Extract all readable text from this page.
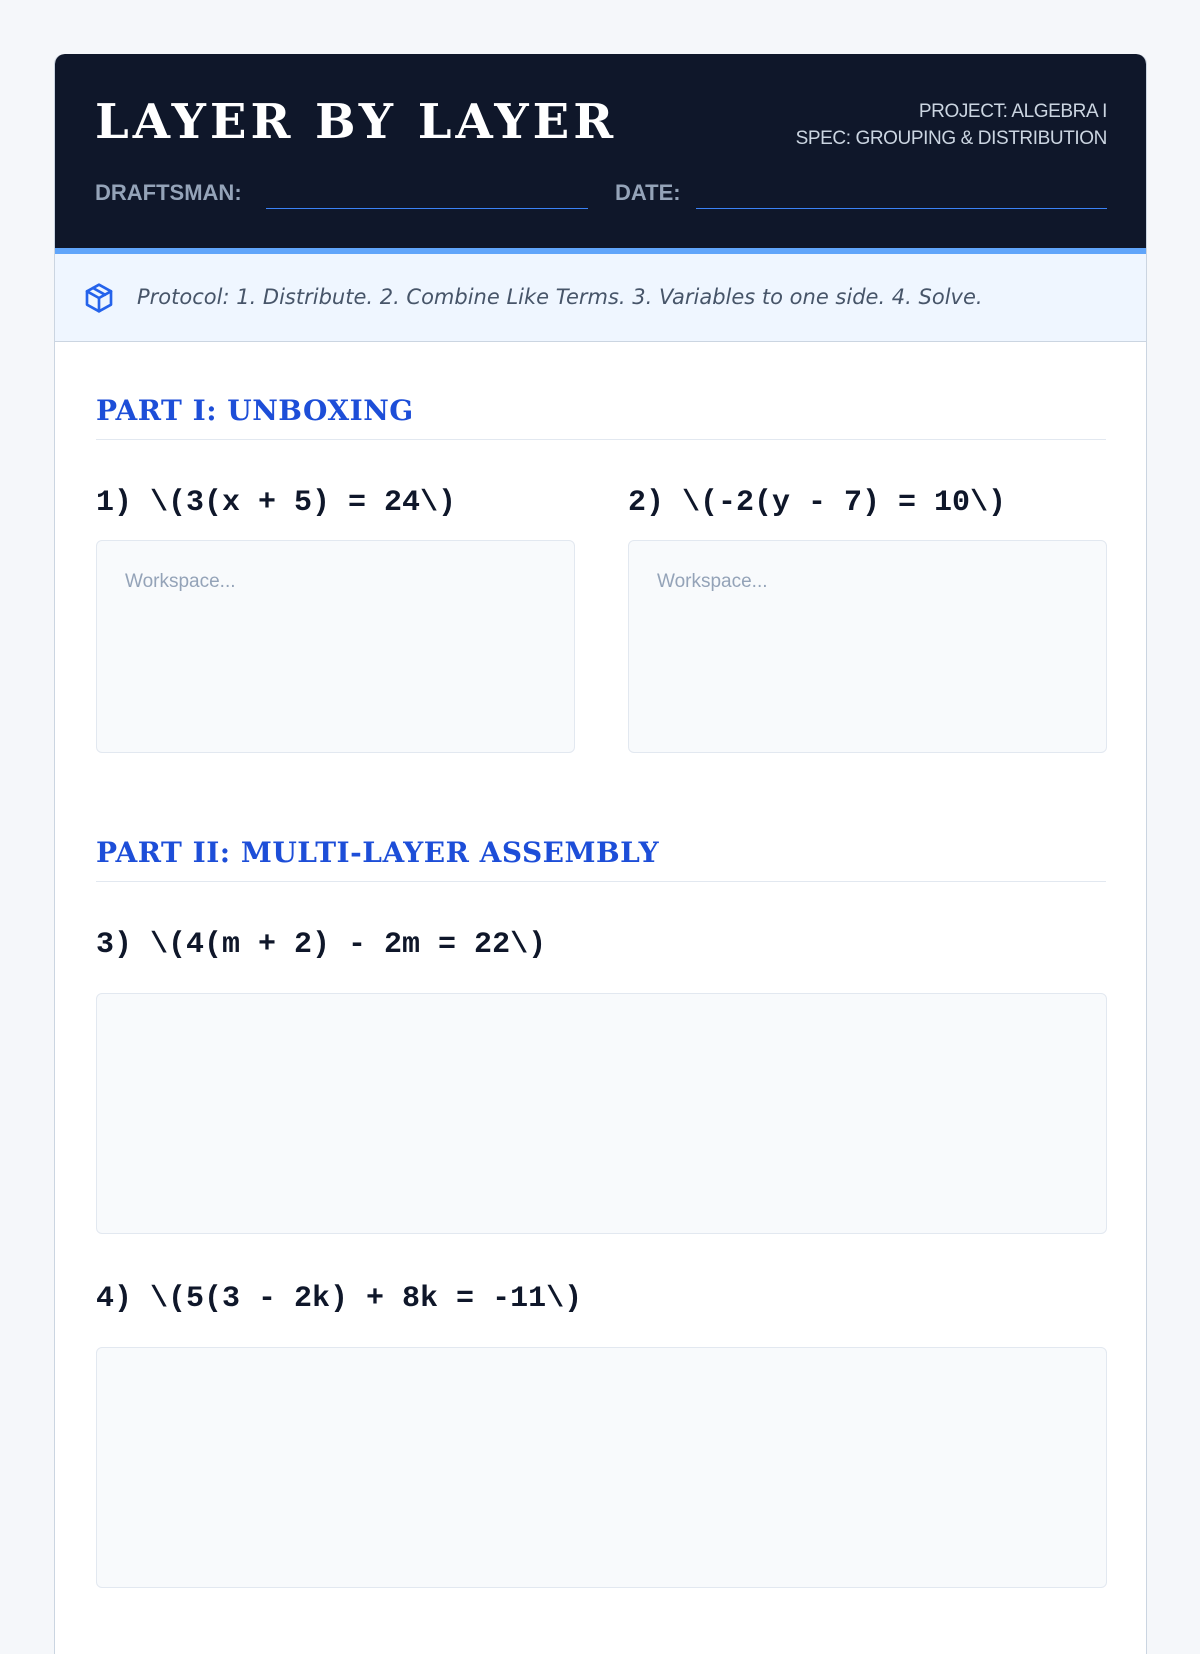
LAYER BY LAYER	PROJECT: ALGEBRA I
SPEC: GROUPING & DISTRIBUTION
DRAFTSMAN:	DATE:
Protocol: 1. Distribute. 2. Combine Like Terms. 3. Variables to one side. 4. Solve.
PART I: UNBOXING
1) \(3(x + 5) = 24\)
Workspace...	2) \(-2(y - 7) = 10\)
Workspace...
PART II: MULTI-LAYER ASSEMBLY
3) \(4(m + 2) - 2m = 22\)
4) \(5(3 - 2k) + 8k = -11\)
